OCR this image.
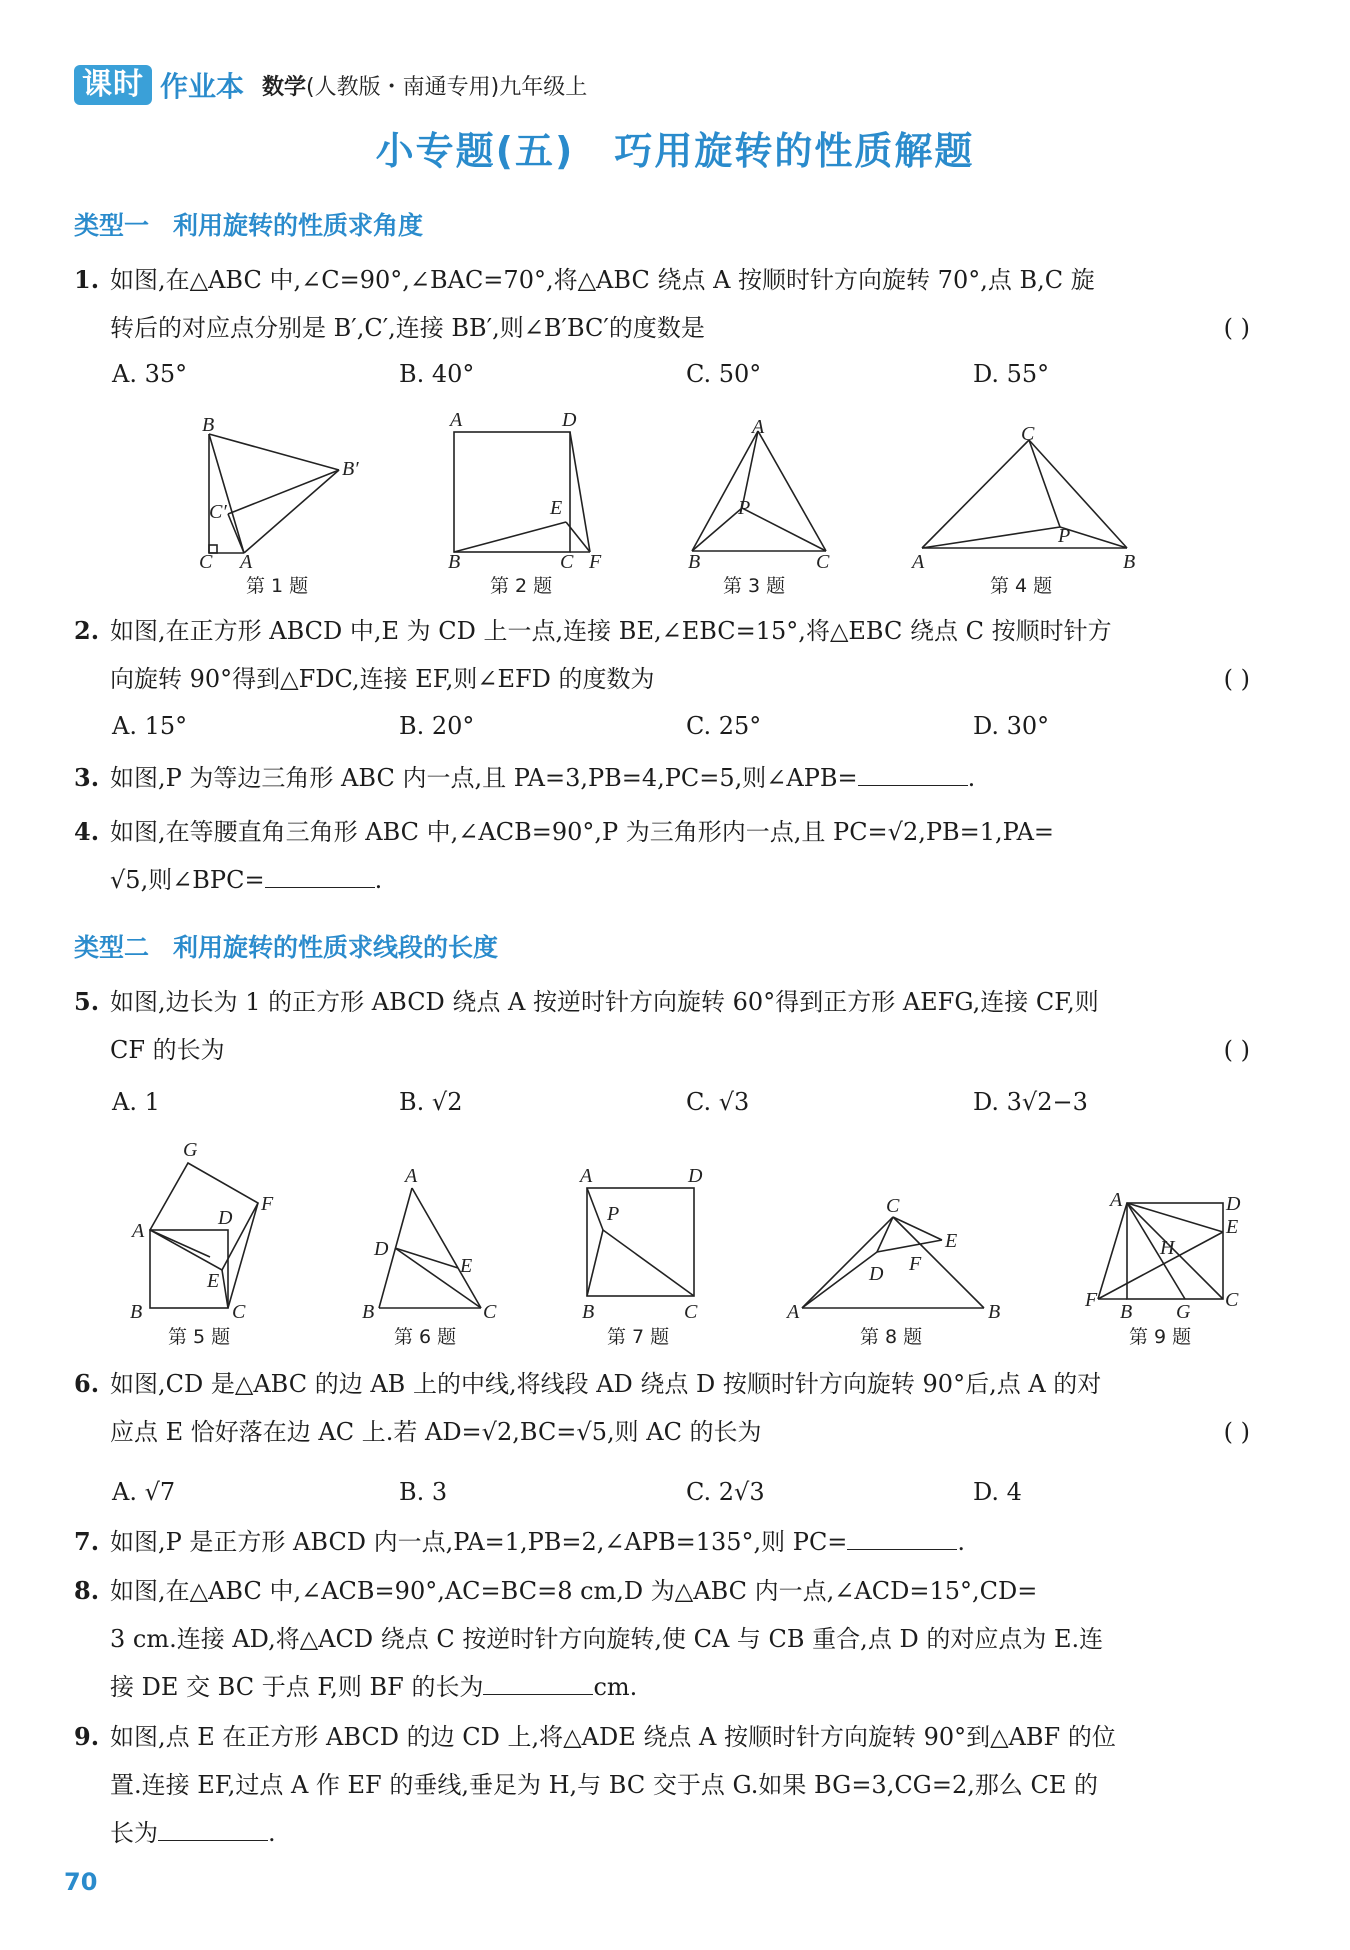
课时 作业本 数学(人教版・南通专用)九年级上
小专题(五) 巧用旋转的性质解题
类型一 利用旋转的性质求角度
1. 如图,在△ABC 中,∠C=90°,∠BAC=70°,将△ABC 绕点 A 按顺时针方向旋转 70°,点 B,C 旋
转后的对应点分别是 B′,C′,连接 BB′,则∠B′BC′的度数是	( )
A. 35°	B. 40°	C. 50°	D. 55°
B
B′
C′
C A
第 1 题
A	D
E
B	C F
第 2 题
A
P
B	C
第 3 题
C
P
A	B
第 4 题
2. 如图,在正方形 ABCD 中,E 为 CD 上一点,连接 BE,∠EBC=15°,将△EBC 绕点 C 按顺时针方
向旋转 90°得到△FDC,连接 EF,则∠EFD 的度数为	( )
A. 15°	B. 20°	C. 25°	D. 30°
3. 如图,P 为等边三角形 ABC 内一点,且 PA=3,PB=4,PC=5,则∠APB=	.
4. 如图,在等腰直角三角形 ABC 中,∠ACB=90°,P 为三角形内一点,且 PC=√2,PB=1,PA=
√5,则∠BPC=	.
类型二 利用旋转的性质求线段的长度
5. 如图,边长为 1 的正方形 ABCD 绕点 A 按逆时针方向旋转 60°得到正方形 AEFG,连接 CF,则
CF 的长为	( )
A. 1	B. √2	C. √3	D. 3√2−3
G
F
A
D
E
B	C
第 5 题
A
D
E
B	C
第 6 题
A	D
P
B	C
第 7 题
C
E
F
D
A	B
第 8 题
A	D
E
H
F
B G
C
第 9 题
6. 如图,CD 是△ABC 的边 AB 上的中线,将线段 AD 绕点 D 按顺时针方向旋转 90°后,点 A 的对
应点 E 恰好落在边 AC 上.若 AD=√2,BC=√5,则 AC 的长为	( )
A. √7	B. 3	C. 2√3	D. 4
7. 如图,P 是正方形 ABCD 内一点,PA=1,PB=2,∠APB=135°,则 PC=	.
8. 如图,在△ABC 中,∠ACB=90°,AC=BC=8 cm,D 为△ABC 内一点,∠ACD=15°,CD=
3 cm.连接 AD,将△ACD 绕点 C 按逆时针方向旋转,使 CA 与 CB 重合,点 D 的对应点为 E.连
接 DE 交 BC 于点 F,则 BF 的长为	cm.
9. 如图,点 E 在正方形 ABCD 的边 CD 上,将△ADE 绕点 A 按顺时针方向旋转 90°到△ABF 的位
置.连接 EF,过点 A 作 EF 的垂线,垂足为 H,与 BC 交于点 G.如果 BG=3,CG=2,那么 CE 的
长为	.
70
